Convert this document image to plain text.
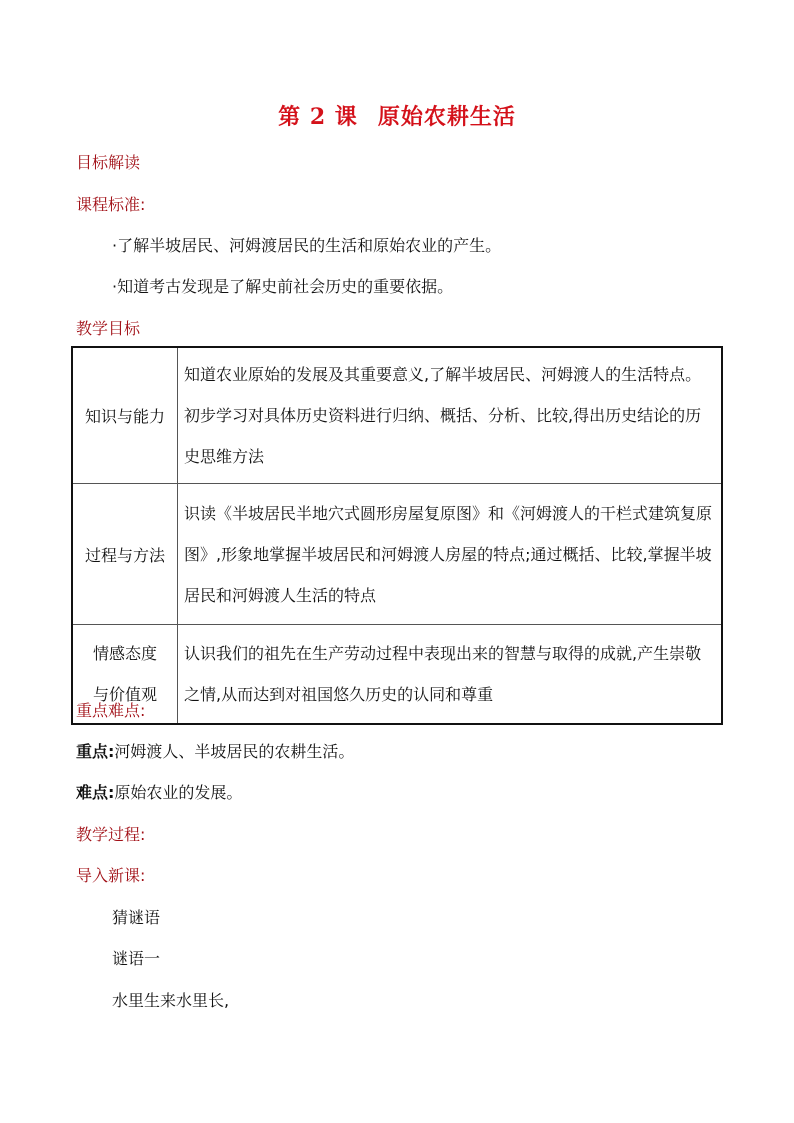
第 2 课 原始农耕生活
目标解读
课程标准:
·了解半坡居民、河姆渡居民的生活和原始农业的产生。
·知道考古发现是了解史前社会历史的重要依据。
教学目标
知识与能力	知道农业原始的发展及其重要意义,了解半坡居民、河姆渡人的生活特点。初步学习对具体历史资料进行归纳、概括、分析、比较,得出历史结论的历史思维方法
过程与方法	识读《半坡居民半地穴式圆形房屋复原图》和《河姆渡人的干栏式建筑复原图》,形象地掌握半坡居民和河姆渡人房屋的特点;通过概括、比较,掌握半坡居民和河姆渡人生活的特点

情感态度
与价值观	认识我们的祖先在生产劳动过程中表现出来的智慧与取得的成就,产生崇敬之情,从而达到对祖国悠久历史的认同和尊重
重点难点:
重点:河姆渡人、半坡居民的农耕生活。
难点:原始农业的发展。
教学过程:
导入新课:
猜谜语
谜语一
水里生来水里长,
